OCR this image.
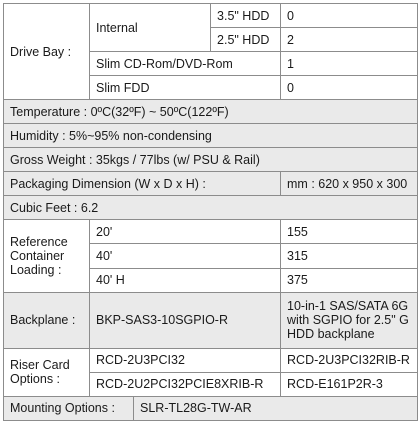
Drive Bay :	Internal		3.5" HDD	0
			2.5" HDD	2
	Slim CD-Rom/DVD-Rom			1
	Slim FDD			0
Temperature : 0ºC(32ºF) ~ 50ºC(122ºF)				
Humidity : 5%~95% non-condensing				
Gross Weight : 35kgs / 77lbs (w/ PSU & Rail)				
Packaging Dimension (W x D x H) :				mm : 620 x 950 x 300
Cubic Feet : 6.2				
Reference
Container Loading :	20'			155
	40'			315
	40' H			375
Backplane :	BKP-SAS3-10SGPIO-R			10-in-1 SAS/SATA 6G with SGPIO for 2.5" G HDD backplane
Riser Card
Options :	RCD-2U3PCI32			RCD-2U3PCI32RIB-R
	RCD-2U2PCI32PCIE8XRIB-R			RCD-E161P2R-3
Mounting Options :		SLR-TL28G-TW-AR		
